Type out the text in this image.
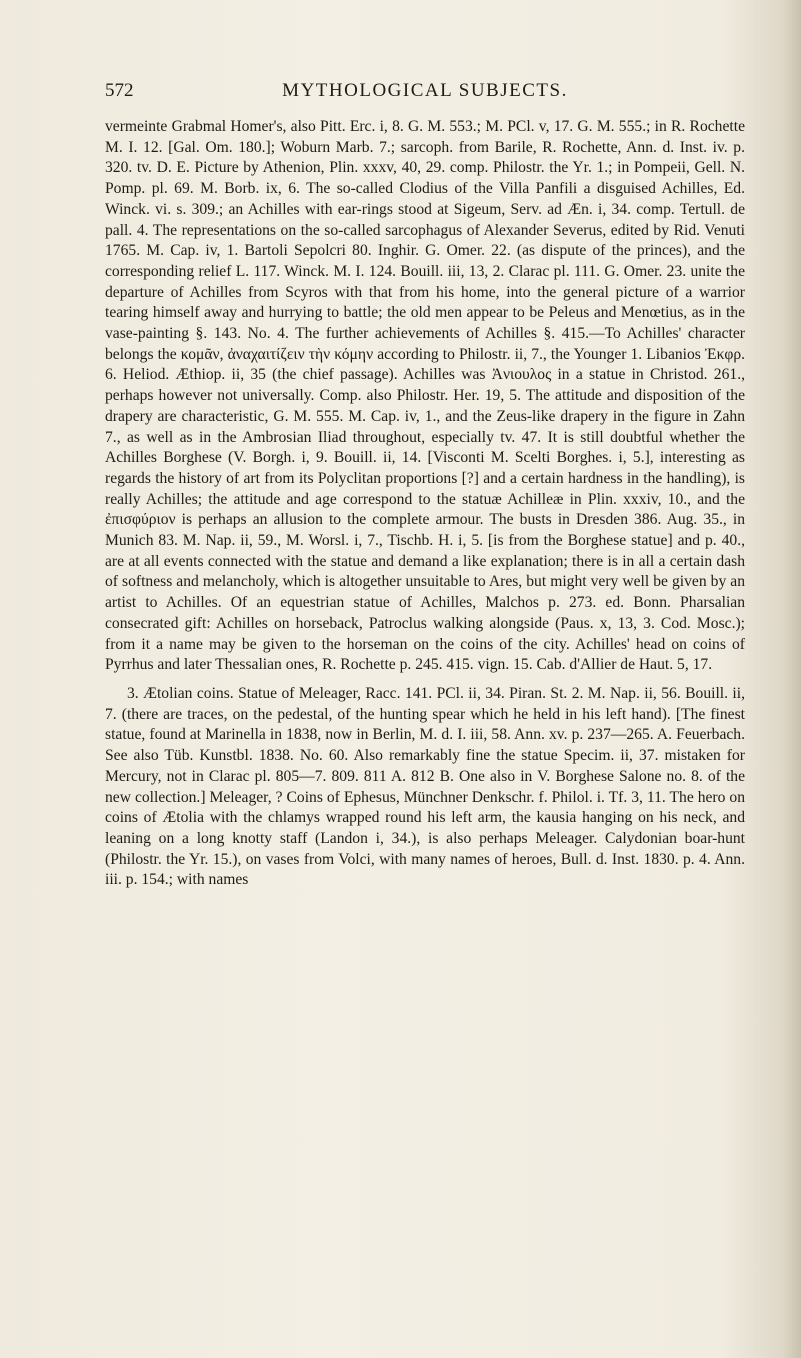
572	MYTHOLOGICAL SUBJECTS.

vermeinte Grabmal Homer's, also Pitt. Erc. i, 8. G. M. 553.; M. PCl. v, 17. G. M. 555.; in R. Rochette M. I. 12. [Gal. Om. 180.]; Woburn Marb. 7.; sarcoph. from Barile, R. Rochette, Ann. d. Inst. iv. p. 320. tv. D. E. Picture by Athenion, Plin. xxxv, 40, 29. comp. Philostr. the Yr. 1.; in Pompeii, Gell. N. Pomp. pl. 69. M. Borb. ix, 6. The so-called Clodius of the Villa Panfili a disguised Achilles, Ed. Winck. vi. s. 309.; an Achilles with ear-rings stood at Sigeum, Serv. ad Æn. i, 34. comp. Tertull. de pall. 4. The representations on the so-called sarcophagus of Alexander Severus, edited by Rid. Venuti 1765. M. Cap. iv, 1. Bartoli Sepolcri 80. Inghir. G. Omer. 22. (as dispute of the princes), and the corresponding relief L. 117. Winck. M. I. 124. Bouill. iii, 13, 2. Clarac pl. 111. G. Omer. 23. unite the departure of Achilles from Scyros with that from his home, into the general picture of a warrior tearing himself away and hurrying to battle; the old men appear to be Peleus and Menœtius, as in the vase-painting §. 143. No. 4. The further achievements of Achilles §. 415.—To Achilles' character belongs the κομᾶν, ἀναχαιτίζειν τὴν κόμην according to Philostr. ii, 7., the Younger 1. Libanios Ἐκφρ. 6. Heliod. Æthiop. ii, 35 (the chief passage). Achilles was Ἀνιουλος in a statue in Christod. 261., perhaps however not universally. Comp. also Philostr. Her. 19, 5. The attitude and disposition of the drapery are characteristic, G. M. 555. M. Cap. iv, 1., and the Zeus-like drapery in the figure in Zahn 7., as well as in the Ambrosian Iliad throughout, especially tv. 47. It is still doubtful whether the Achilles Borghese (V. Borgh. i, 9. Bouill. ii, 14. [Visconti M. Scelti Borghes. i, 5.], interesting as regards the history of art from its Polyclitan proportions [?] and a certain hardness in the handling), is really Achilles; the attitude and age correspond to the statuæ Achilleæ in Plin. xxxiv, 10., and the ἐπισφύριον is perhaps an allusion to the complete armour. The busts in Dresden 386. Aug. 35., in Munich 83. M. Nap. ii, 59., M. Worsl. i, 7., Tischb. H. i, 5. [is from the Borghese statue] and p. 40., are at all events connected with the statue and demand a like explanation; there is in all a certain dash of softness and melancholy, which is altogether unsuitable to Ares, but might very well be given by an artist to Achilles. Of an equestrian statue of Achilles, Malchos p. 273. ed. Bonn. Pharsalian consecrated gift: Achilles on horseback, Patroclus walking alongside (Paus. x, 13, 3. Cod. Mosc.); from it a name may be given to the horseman on the coins of the city. Achilles' head on coins of Pyrrhus and later Thessalian ones, R. Rochette p. 245. 415. vign. 15. Cab. d'Allier de Haut. 5, 17.

3. Ætolian coins. Statue of Meleager, Racc. 141. PCl. ii, 34. Piran. St. 2. M. Nap. ii, 56. Bouill. ii, 7. (there are traces, on the pedestal, of the hunting spear which he held in his left hand). [The finest statue, found at Marinella in 1838, now in Berlin, M. d. I. iii, 58. Ann. xv. p. 237—265. A. Feuerbach. See also Tüb. Kunstbl. 1838. No. 60. Also remarkably fine the statue Specim. ii, 37. mistaken for Mercury, not in Clarac pl. 805—7. 809. 811 A. 812 B. One also in V. Borghese Salone no. 8. of the new collection.] Meleager, ? Coins of Ephesus, Münchner Denkschr. f. Philol. i. Tf. 3, 11. The hero on coins of Ætolia with the chlamys wrapped round his left arm, the kausia hanging on his neck, and leaning on a long knotty staff (Landon i, 34.), is also perhaps Meleager. Calydonian boar-hunt (Philostr. the Yr. 15.), on vases from Volci, with many names of heroes, Bull. d. Inst. 1830. p. 4. Ann. iii. p. 154.; with names
